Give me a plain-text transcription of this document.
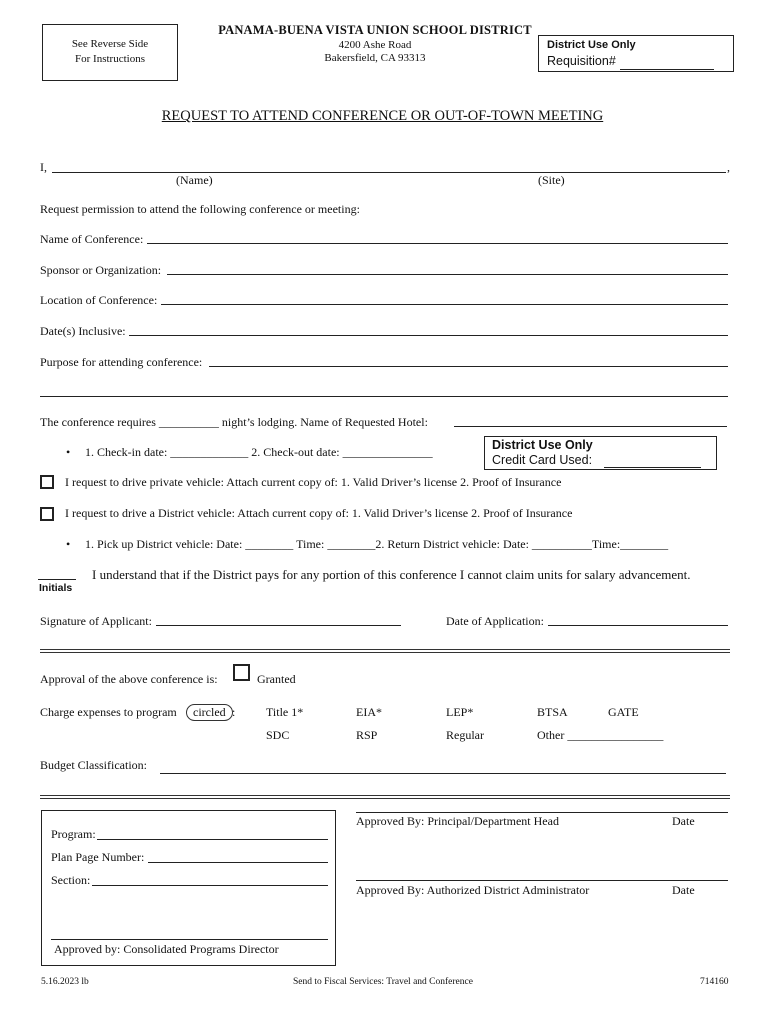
See Reverse Side
For Instructions
PANAMA-BUENA VISTA UNION SCHOOL DISTRICT
4200 Ashe Road
Bakersfield, CA 93313
District Use Only
Requisition#
REQUEST TO ATTEND CONFERENCE OR OUT-OF-TOWN MEETING
I,	,
(Name)	(Site)
Request permission to attend the following conference or meeting:
Name of Conference:
Sponsor or Organization:
Location of Conference:
Date(s) Inclusive:
Purpose for attending conference:
The conference requires __________ night’s lodging. Name of Requested Hotel:
• 1. Check-in date: _____________ 2. Check-out date: _______________	District Use Only
Credit Card Used:
I request to drive private vehicle: Attach current copy of: 1. Valid Driver’s license 2. Proof of Insurance
I request to drive a District vehicle: Attach current copy of: 1. Valid Driver’s license 2. Proof of Insurance
• 1. Pick up District vehicle: Date: ________ Time: ________2. Return District vehicle: Date: __________Time:________
Initials
I understand that if the District pays for any portion of this conference I cannot claim units for salary advancement.
Signature of Applicant:	Date of Application:
Approval of the above conference is:	Granted
Charge expenses to program	circled :	Title 1*	EIA*	LEP*	BTSA	GATE
SDC	RSP	Regular	Other ________________
Budget Classification:
Program:
Plan Page Number:
Section:
Approved by: Consolidated Programs Director
Approved By: Principal/Department Head	Date
Approved By: Authorized District Administrator	Date
5.16.2023 lb	Send to Fiscal Services: Travel and Conference	714160
